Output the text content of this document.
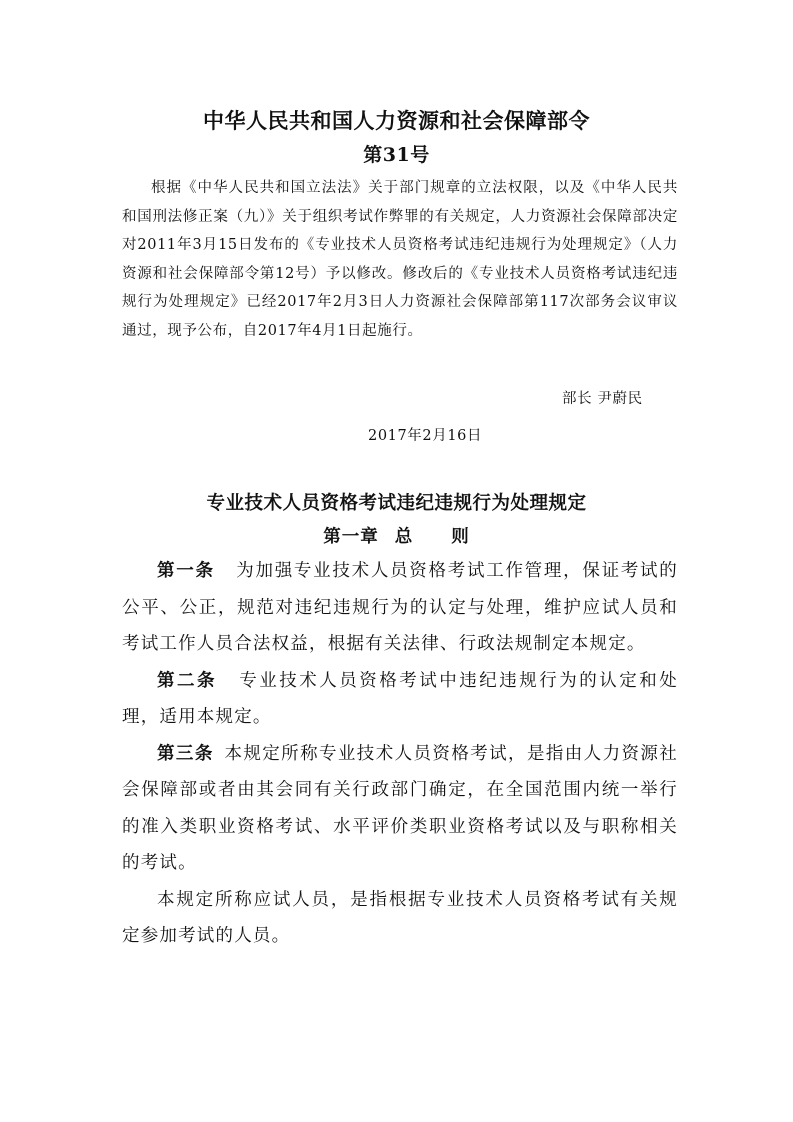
中华人民共和国人力资源和社会保障部令
第31号

根据《中华人民共和国立法法》关于部门规章的立法权限，以及《中华人民共和国刑法修正案（九）》关于组织考试作弊罪的有关规定，人力资源社会保障部决定对2011年3月15日发布的《专业技术人员资格考试违纪违规行为处理规定》（人力资源和社会保障部令第12号）予以修改。修改后的《专业技术人员资格考试违纪违规行为处理规定》已经2017年2月3日人力资源社会保障部第117次部务会议审议通过，现予公布，自2017年4月1日起施行。

部长 尹蔚民
2017年2月16日
专业技术人员资格考试违纪违规行为处理规定
第一章 总 则

第一条 为加强专业技术人员资格考试工作管理，保证考试的公平、公正，规范对违纪违规行为的认定与处理，维护应试人员和考试工作人员合法权益，根据有关法律、行政法规制定本规定。

第二条 专业技术人员资格考试中违纪违规行为的认定和处理，适用本规定。

第三条 本规定所称专业技术人员资格考试，是指由人力资源社会保障部或者由其会同有关行政部门确定，在全国范围内统一举行的准入类职业资格考试、水平评价类职业资格考试以及与职称相关的考试。

本规定所称应试人员，是指根据专业技术人员资格考试有关规定参加考试的人员。
